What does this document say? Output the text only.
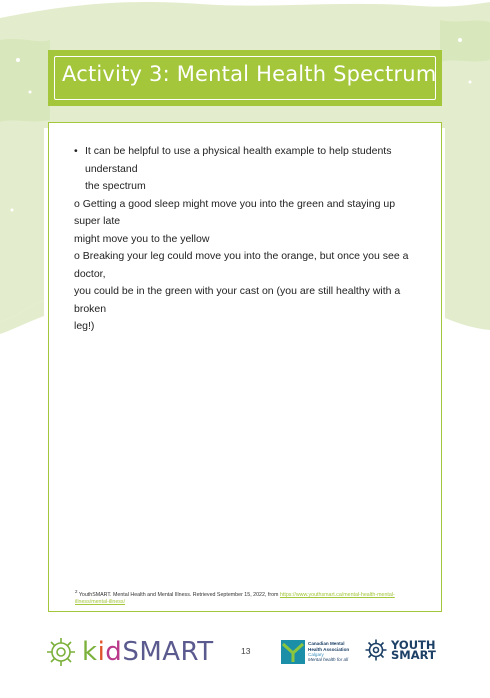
Activity 3: Mental Health Spectrum
• It can be helpful to use a physical health example to help students understand
the spectrum
o Getting a good sleep might move you into the green and staying up super late
might move you to the yellow
o Breaking your leg could move you into the orange, but once you see a doctor,
you could be in the green with your cast on (you are still healthy with a broken
leg!)
$^2$ YouthSMART. Mental Health and Mental Illness. Retrieved September 15, 2022, from https://www.youthsmart.ca/mental-health-mental-
illness/mental-illness/
kidSMART	13
Canadian Mental
Health Association
Calgary
Mental health for all
YOUTH
SMART
